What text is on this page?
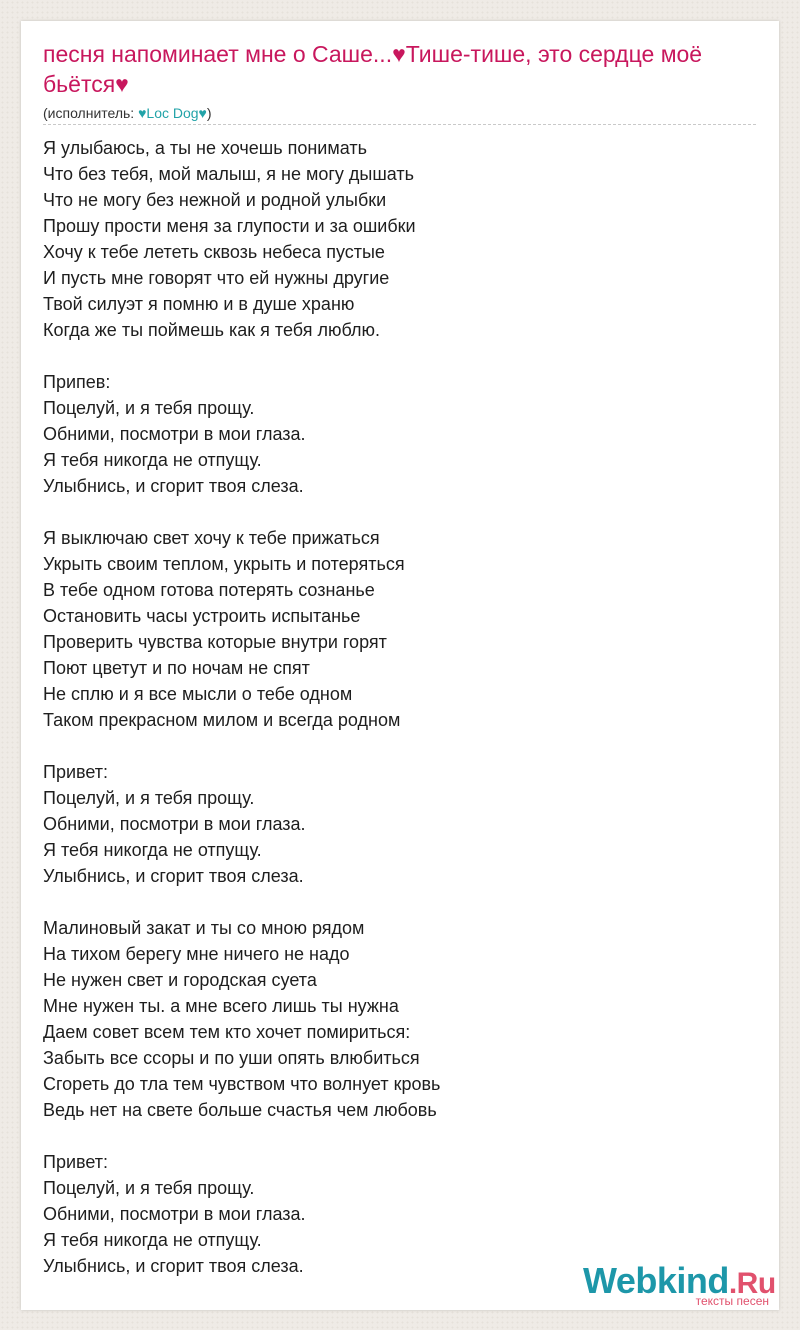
песня напоминает мне о Саше...♥Тише-тише, это сердце моё бьётся♥
(исполнитель: ♥Loc Dog♥)
Я улыбаюсь, а ты не хочешь понимать
Что без тебя, мой малыш, я не могу дышать
Что не могу без нежной и родной улыбки
Прошу прости меня за глупости и за ошибки
Хочу к тебе лететь сквозь небеса пустые
И пусть мне говорят что ей нужны другие
Твой силуэт я помню и в душе храню
Когда же ты поймешь как я тебя люблю.
Припев:
Поцелуй, и я тебя прощу.
Обними, посмотри в мои глаза.
Я тебя никогда не отпущу.
Улыбнись, и сгорит твоя слеза.
Я выключаю свет хочу к тебе прижаться
Укрыть своим теплом, укрыть и потеряться
В тебе одном готова потерять сознанье
Остановить часы устроить испытанье
Проверить чувства которые внутри горят
Поют цветут и по ночам не спят
Не сплю и я все мысли о тебе одном
Таком прекрасном милом и всегда родном
Привет:
Поцелуй, и я тебя прощу.
Обними, посмотри в мои глаза.
Я тебя никогда не отпущу.
Улыбнись, и сгорит твоя слеза.
Малиновый закат и ты со мною рядом
На тихом берегу мне ничего не надо
Не нужен свет и городская суета
Мне нужен ты. а мне всего лишь ты нужна
Даем совет всем тем кто хочет помириться:
Забыть все ссоры и по уши опять влюбиться
Сгореть до тла тем чувством что волнует кровь
Ведь нет на свете больше счастья чем любовь
Привет:
Поцелуй, и я тебя прощу.
Обними, посмотри в мои глаза.
Я тебя никогда не отпущу.
Улыбнись, и сгорит твоя слеза.	Webkind.Ru
тексты песен
